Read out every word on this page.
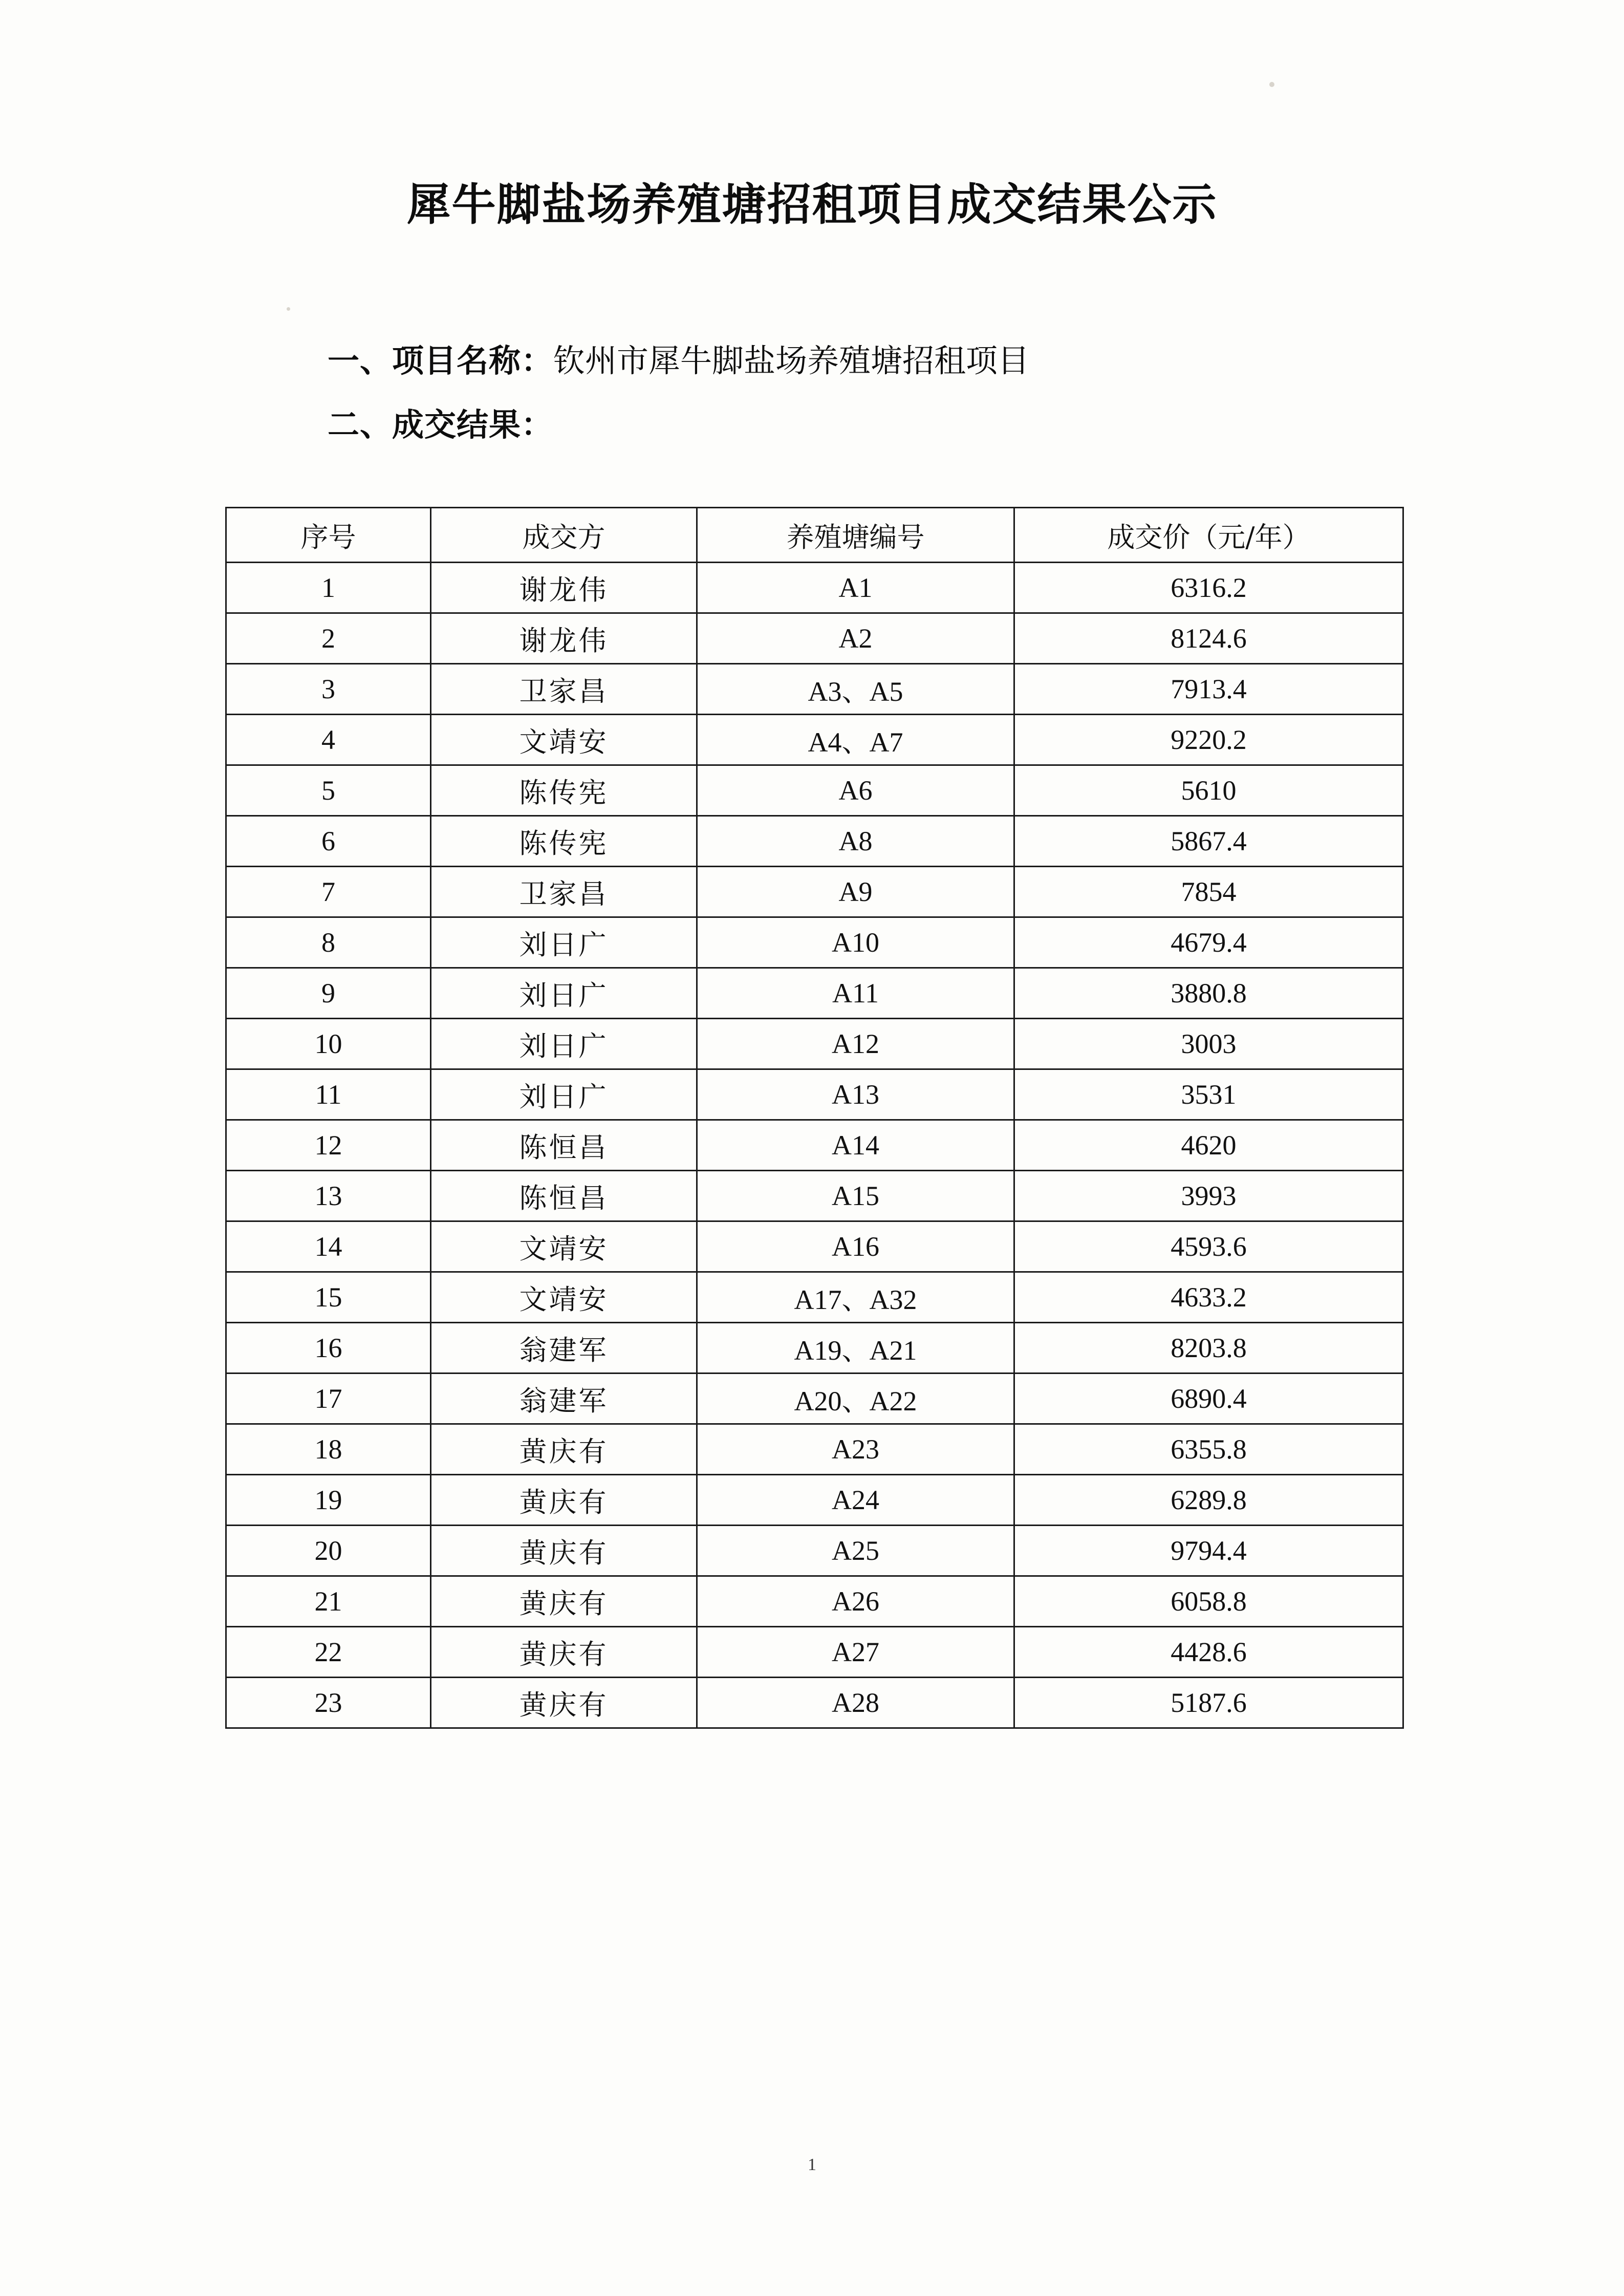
犀牛脚盐场养殖塘招租项目成交结果公示
一、项目名称：钦州市犀牛脚盐场养殖塘招租项目
二、成交结果：
序号	成交方	养殖塘编号	成交价（元/年）
1	谢龙伟	A1	6316.2
2	谢龙伟	A2	8124.6
3	卫家昌	A3、A5	7913.4
4	文靖安	A4、A7	9220.2
5	陈传宪	A6	5610
6	陈传宪	A8	5867.4
7	卫家昌	A9	7854
8	刘日广	A10	4679.4
9	刘日广	A11	3880.8
10	刘日广	A12	3003
11	刘日广	A13	3531
12	陈恒昌	A14	4620
13	陈恒昌	A15	3993
14	文靖安	A16	4593.6
15	文靖安	A17、A32	4633.2
16	翁建军	A19、A21	8203.8
17	翁建军	A20、A22	6890.4
18	黄庆有	A23	6355.8
19	黄庆有	A24	6289.8
20	黄庆有	A25	9794.4
21	黄庆有	A26	6058.8
22	黄庆有	A27	4428.6
23	黄庆有	A28	5187.6
1
